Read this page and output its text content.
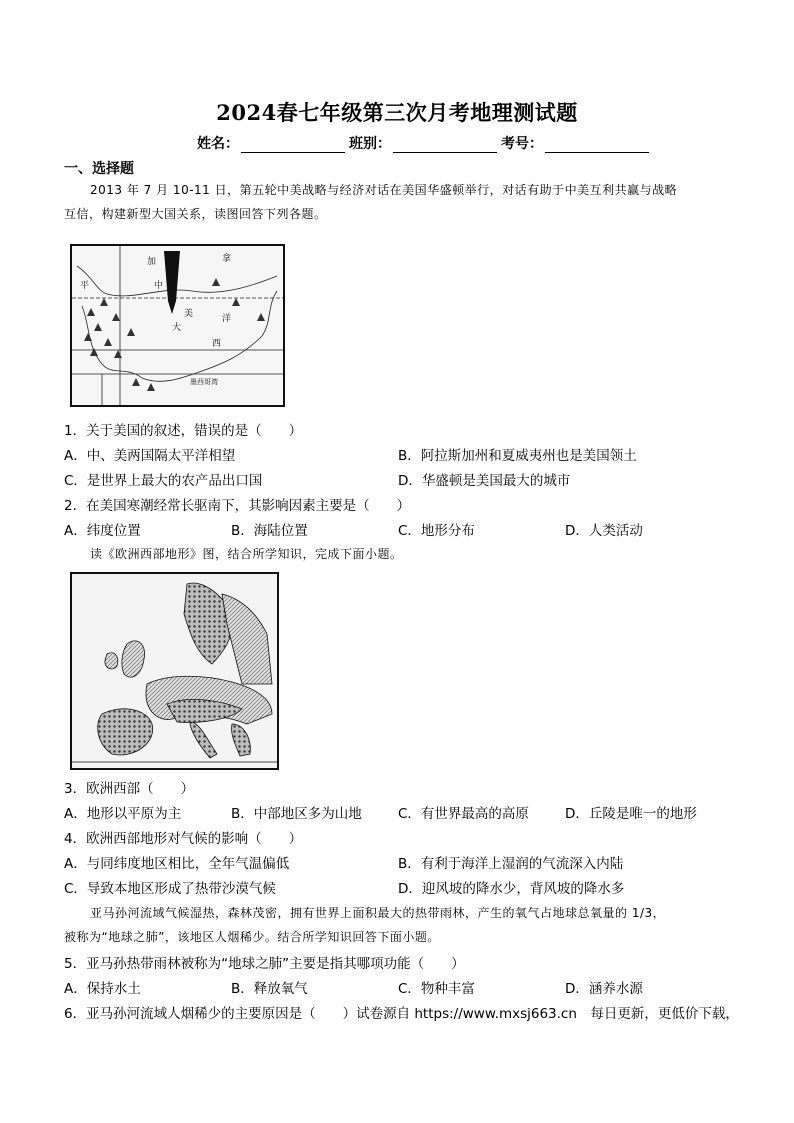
2024春七年级第三次月考地理测试题
姓名：	班别：	考号：
一、选择题
2013 年 7 月 10-11 日，第五轮中美战略与经济对话在美国华盛顿举行，对话有助于中美互利共赢与战略
互信，构建新型大国关系，读图回答下列各题。
加	拿
中
美
大
平
洋
西
墨西哥湾
1．关于美国的叙述，错误的是（　　）
A．中、美两国隔太平洋相望	B．阿拉斯加州和夏威夷州也是美国领土
C．是世界上最大的农产品出口国	D．华盛顿是美国最大的城市
2．在美国寒潮经常长驱南下，其影响因素主要是（　　）
A．纬度位置	B．海陆位置	C．地形分布	D．人类活动
读《欧洲西部地形》图，结合所学知识，完成下面小题。
3．欧洲西部（　　）
A．地形以平原为主	B．中部地区多为山地	C．有世界最高的高原	D．丘陵是唯一的地形
4．欧洲西部地形对气候的影响（　　）
A．与同纬度地区相比，全年气温偏低	B．有利于海洋上湿润的气流深入内陆
C．导致本地区形成了热带沙漠气候	D．迎风坡的降水少，背风坡的降水多
亚马孙河流域气候湿热，森林茂密，拥有世界上面积最大的热带雨林，产生的氧气占地球总氧量的 1/3，
被称为“地球之肺”，该地区人烟稀少。结合所学知识回答下面小题。
5．亚马孙热带雨林被称为“地球之肺”主要是指其哪项功能（　　）
A．保持水土	B．释放氧气	C．物种丰富	D．涵养水源
6．亚马孙河流域人烟稀少的主要原因是（　　）试卷源自 https://www.mxsj663.cn　每日更新，更低价下载，
